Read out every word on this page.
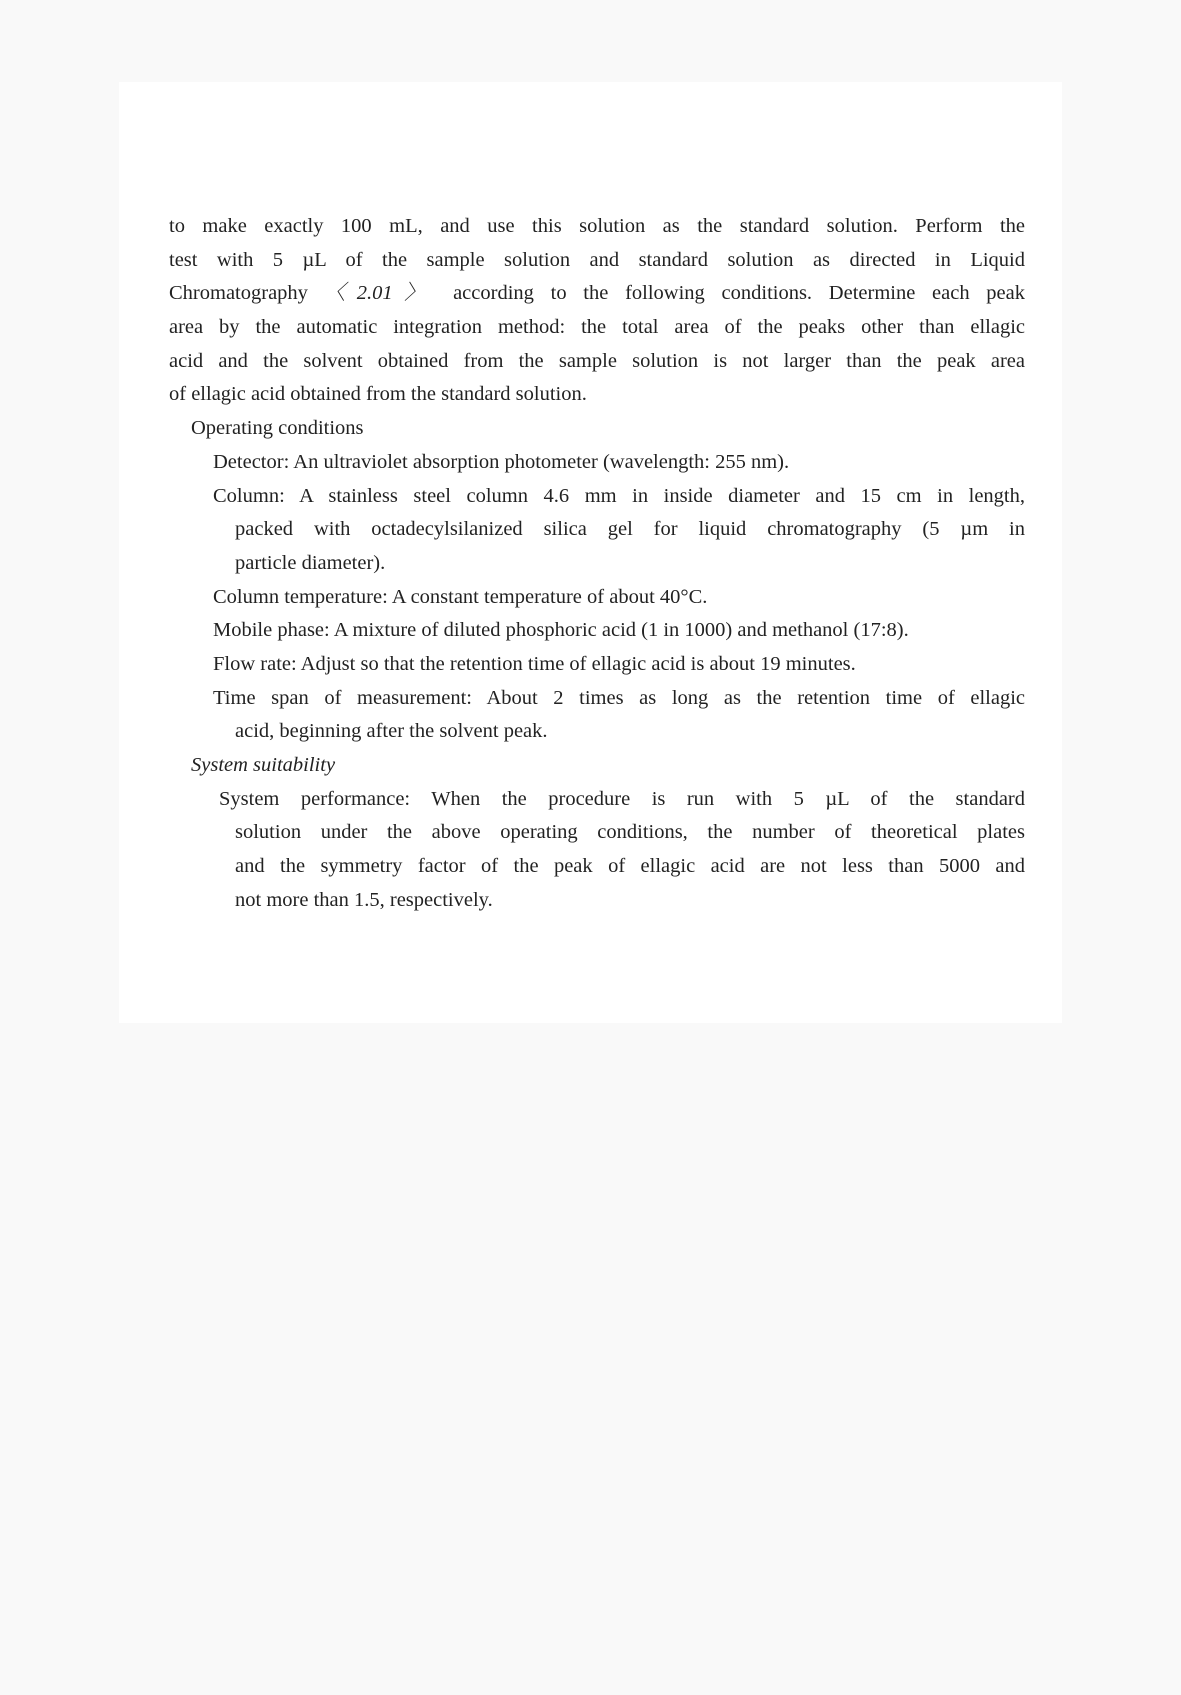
to make exactly 100 mL, and use this solution as the standard solution. Perform the
test with 5 µL of the sample solution and standard solution as directed in Liquid
Chromatography 〈2.01〉 according to the following conditions. Determine each peak
area by the automatic integration method: the total area of the peaks other than ellagic
acid and the solvent obtained from the sample solution is not larger than the peak area
of ellagic acid obtained from the standard solution.
Operating conditions
Detector: An ultraviolet absorption photometer (wavelength: 255 nm).
Column: A stainless steel column 4.6 mm in inside diameter and 15 cm in length,
packed with octadecylsilanized silica gel for liquid chromatography (5 µm in
particle diameter).
Column temperature: A constant temperature of about 40°C.
Mobile phase: A mixture of diluted phosphoric acid (1 in 1000) and methanol (17:8).
Flow rate: Adjust so that the retention time of ellagic acid is about 19 minutes.
Time span of measurement: About 2 times as long as the retention time of ellagic
acid, beginning after the solvent peak.
System suitability
System performance: When the procedure is run with 5 µL of the standard
solution under the above operating conditions, the number of theoretical plates
and the symmetry factor of the peak of ellagic acid are not less than 5000 and
not more than 1.5, respectively.
